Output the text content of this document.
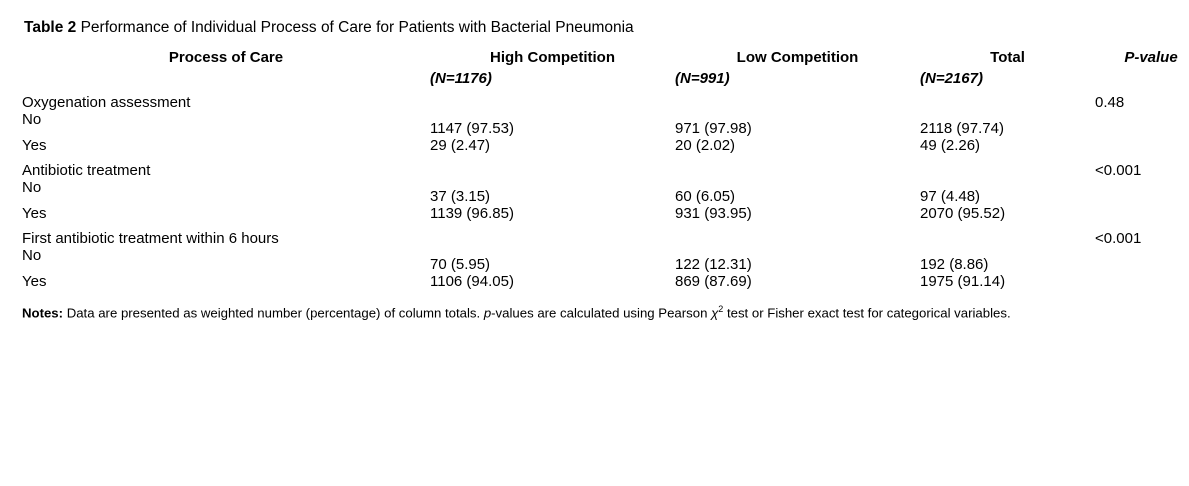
Table 2 Performance of Individual Process of Care for Patients with Bacterial Pneumonia

Process of Care	High Competition	Low Competition	Total	P-value
	(N=1176)	(N=991)	(N=2167)	
Oxygenation assessment				0.48
No	1147 (97.53)	971 (97.98)	2118 (97.74)	
Yes	29 (2.47)	20 (2.02)	49 (2.26)	
Antibiotic treatment				<0.001
No	37 (3.15)	60 (6.05)	97 (4.48)	
Yes	1139 (96.85)	931 (93.95)	2070 (95.52)	
First antibiotic treatment within 6 hours				<0.001
No	70 (5.95)	122 (12.31)	192 (8.86)	
Yes	1106 (94.05)	869 (87.69)	1975 (91.14)	

Notes: Data are presented as weighted number (percentage) of column totals. p-values are calculated using Pearson $\chi^2$ test or Fisher exact test for categorical variables.
